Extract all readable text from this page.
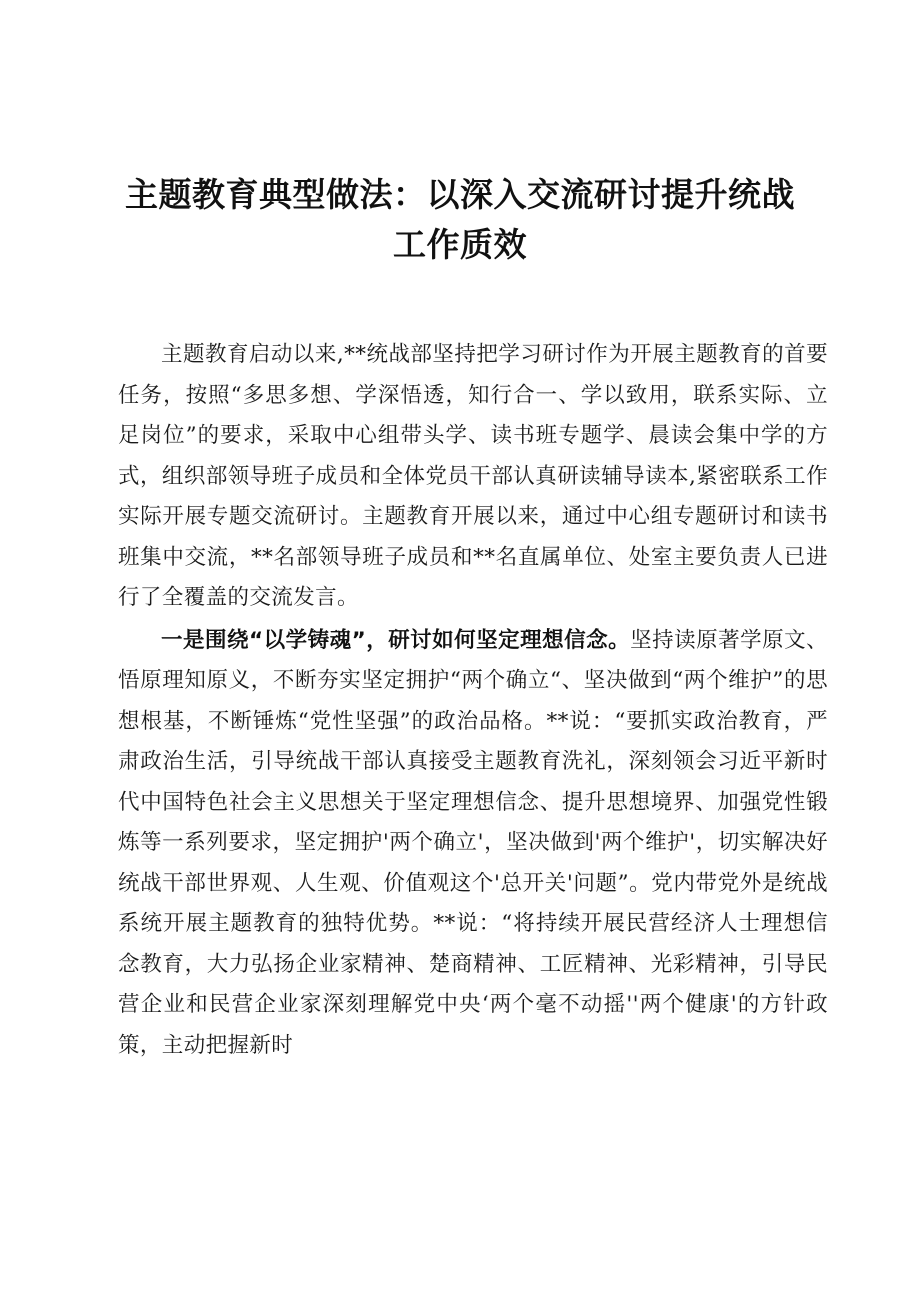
主题教育典型做法：以深入交流研讨提升统战工作质效

主题教育启动以来,**统战部坚持把学习研讨作为开展主题教育的首要任务，按照“多思多想、学深悟透，知行合一、学以致用，联系实际、立足岗位”的要求，采取中心组带头学、读书班专题学、晨读会集中学的方式，组织部领导班子成员和全体党员干部认真研读辅导读本,紧密联系工作实际开展专题交流研讨。主题教育开展以来，通过中心组专题研讨和读书班集中交流，**名部领导班子成员和**名直属单位、处室主要负责人已进行了全覆盖的交流发言。

一是围绕“以学铸魂”，研讨如何坚定理想信念。坚持读原著学原文、悟原理知原义，不断夯实坚定拥护“两个确立“、坚决做到“两个维护”的思想根基，不断锤炼“党性坚强”的政治品格。**说：“要抓实政治教育，严肃政治生活，引导统战干部认真接受主题教育洗礼，深刻领会习近平新时代中国特色社会主义思想关于坚定理想信念、提升思想境界、加强党性锻炼等一系列要求，坚定拥护'两个确立'，坚决做到'两个维护'，切实解决好统战干部世界观、人生观、价值观这个'总开关'问题”。党内带党外是统战系统开展主题教育的独特优势。**说：“将持续开展民营经济人士理想信念教育，大力弘扬企业家精神、楚商精神、工匠精神、光彩精神，引导民营企业和民营企业家深刻理解党中央‘两个毫不动摇''两个健康'的方针政策，主动把握新时
